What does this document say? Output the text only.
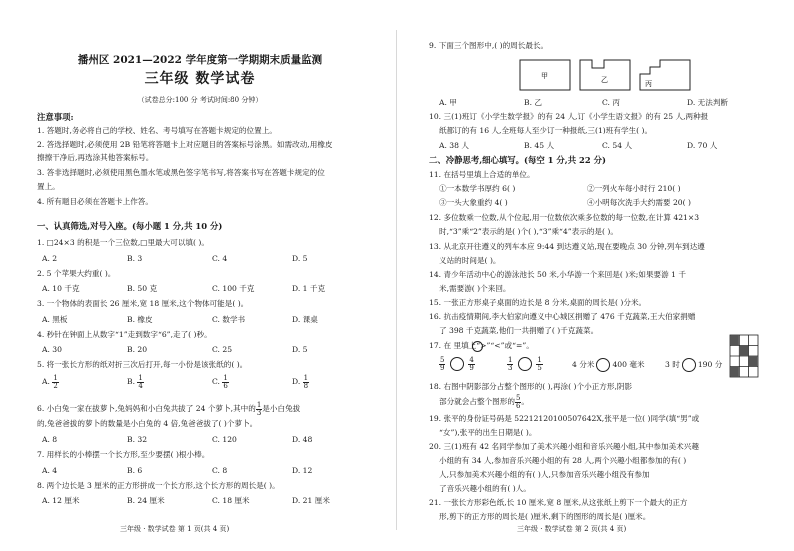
播州区 2021—2022 学年度第一学期期末质量监测
三年级 数学试卷
（试卷总分:100 分 考试时间:80 分钟）
注意事项:
1. 答题时,务必将自己的学校、姓名、考号填写在答题卡规定的位置上。
2. 答选择题时,必须使用 2B 铅笔将答题卡上对应题目的答案标号涂黑。如需改动,用橡皮
擦擦干净后,再选涂其他答案标号。
3. 答非选择题时,必须使用黑色墨水笔或黑色签字笔书写,将答案书写在答题卡规定的位
置上。
4. 所有题目必须在答题卡上作答。
一、认真筛选,对号入座。(每小题 1 分,共 10 分)
1. □24×3 的积是一个三位数,□里最大可以填( )。
A. 2	B. 3	C. 4	D. 5
2. 5 个苹果大约重( )。
A. 10 千克	B. 50 克	C. 100 千克	D. 1 千克
3. 一个物体的表面长 26 厘米,宽 18 厘米,这个物体可能是( )。
A. 黑板	B. 橡皮	C. 数学书	D. 课桌
4. 秒针在钟面上从数字“1”走到数字“6”,走了( )秒。
A. 30	B. 20	C. 25	D. 5
5. 将一张长方形的纸对折三次后打开,每一小份是该张纸的( )。
A. $\frac{1}{2}$	B. $\frac{1}{4}$	C. $\frac{1}{6}$	D. $\frac{1}{8}$
6. 小白兔一家在拔萝卜,兔妈妈和小白兔共拔了 24 个萝卜,其中的 $\frac{1}{3}$ 是小白兔拔
的,兔爸爸拔的萝卜的数量是小白兔的 4 倍,兔爸爸拔了( )个萝卜。
A. 8	B. 32	C. 120	D. 48
7. 用样长的小棒摆一个长方形,至少要摆( )根小棒。
A. 4	B. 6	C. 8	D. 12
8. 两个边长是 3 厘米的正方形拼成一个长方形,这个长方形的周长是( )。
A. 12 厘米	B. 24 厘米	C. 18 厘米	D. 21 厘米
三年级 · 数学试卷 第 1 页(共 4 页)
9. 下面三个图形中,( )的周长最长。
甲	乙	丙
A. 甲	B. 乙	C. 丙	D. 无法判断
10. 三(1)班订《小学生数学报》的有 24 人,订《小学生语文报》的有 25 人,两种报
纸都订的有 16 人,全班每人至少订一种报纸,三(1)班有学生( )。
A. 38 人	B. 45 人	C. 54 人	D. 70 人
二、冷静思考,细心填写。(每空 1 分,共 22 分)
11. 在括号里填上合适的单位。
①一本数学书厚约 6( )	②一列火车每小时行 210( )
③一头大象重约 4( )	④小明每次洗手大约需要 20( )
12. 多位数乘一位数,从个位起,用一位数依次乘多位数的每一位数,在计算 421×3
时,“3”乘“2”表示的是( )个( ),“3”乘“4”表示的是( )。
13. 从北京开往遵义的列车本应 9:44 到达遵义站,现在要晚点 30 分钟,列车到达遵
义站的时间是( )。
14. 青少年活动中心的游泳池长 50 米,小华游一个来回是( )米;如果要游 1 千
米,需要游( )个来回。
15. 一张正方形桌子桌面的边长是 8 分米,桌面的周长是( )分米。
16. 抗击疫情期间,李大伯家向遵义中心城区捐赠了 476 千克蔬菜,王大伯家捐赠
了 398 千克蔬菜,他们一共捐赠了( )千克蔬菜。
17. 在 里填上“>”“<”或“=”。
$\frac{5}{9}$
	$\frac{4}{9}$	$\frac{1}{3}$
	$\frac{1}{5}$	4 分米 400 毫米	3 时 190 分
18. 右图中阴影部分占整个图形的( ),再涂( )个小正方形,阴影
部分就会占整个图形的 $\frac{5}{6}$ 。
19. 张平的身份证号码是 52212120100507642X,张平是一位( )同学(填“男”或
“女”),张平的出生日期是( )。
20. 三(1)班有 42 名同学参加了美术兴趣小组和音乐兴趣小组,其中参加美术兴趣
小组的有 34 人,参加音乐兴趣小组的有 28 人,两个兴趣小组都参加的有( )
人,只参加美术兴趣小组的有( )人,只参加音乐兴趣小组没有参加
了音乐兴趣小组的有( )人。
21. 一张长方形彩色纸,长 10 厘米,宽 8 厘米,从这张纸上剪下一个最大的正方
形,剪下的正方形的周长是( )厘米,剩下的图形的周长是( )厘米。
三年级 · 数学试卷 第 2 页(共 4 页)
